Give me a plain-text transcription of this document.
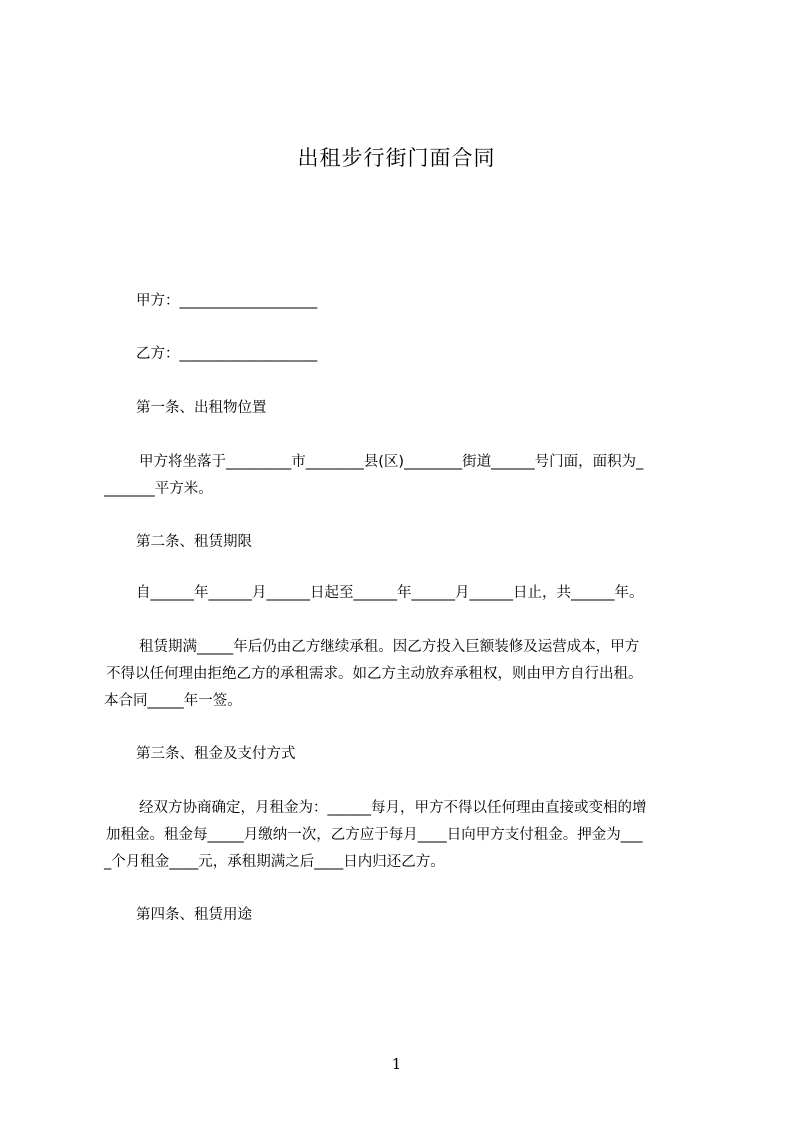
出租步行街门面合同
甲方：___________________
乙方：___________________
第一条、出租物位置
甲方将坐落于_________市________县(区)________街道______号门面，面积为_
_______平方米。
第二条、租赁期限
自______年______月______日起至______年______月______日止，共______年。
租赁期满_____年后仍由乙方继续承租。因乙方投入巨额装修及运营成本，甲方
不得以任何理由拒绝乙方的承租需求。如乙方主动放弃承租权，则由甲方自行出租。
本合同_____年一签。
第三条、租金及支付方式
经双方协商确定，月租金为：______每月，甲方不得以任何理由直接或变相的增
加租金。租金每_____月缴纳一次，乙方应于每月____日向甲方支付租金。押金为___
_个月租金____元，承租期满之后____日内归还乙方。
第四条、租赁用途
1
